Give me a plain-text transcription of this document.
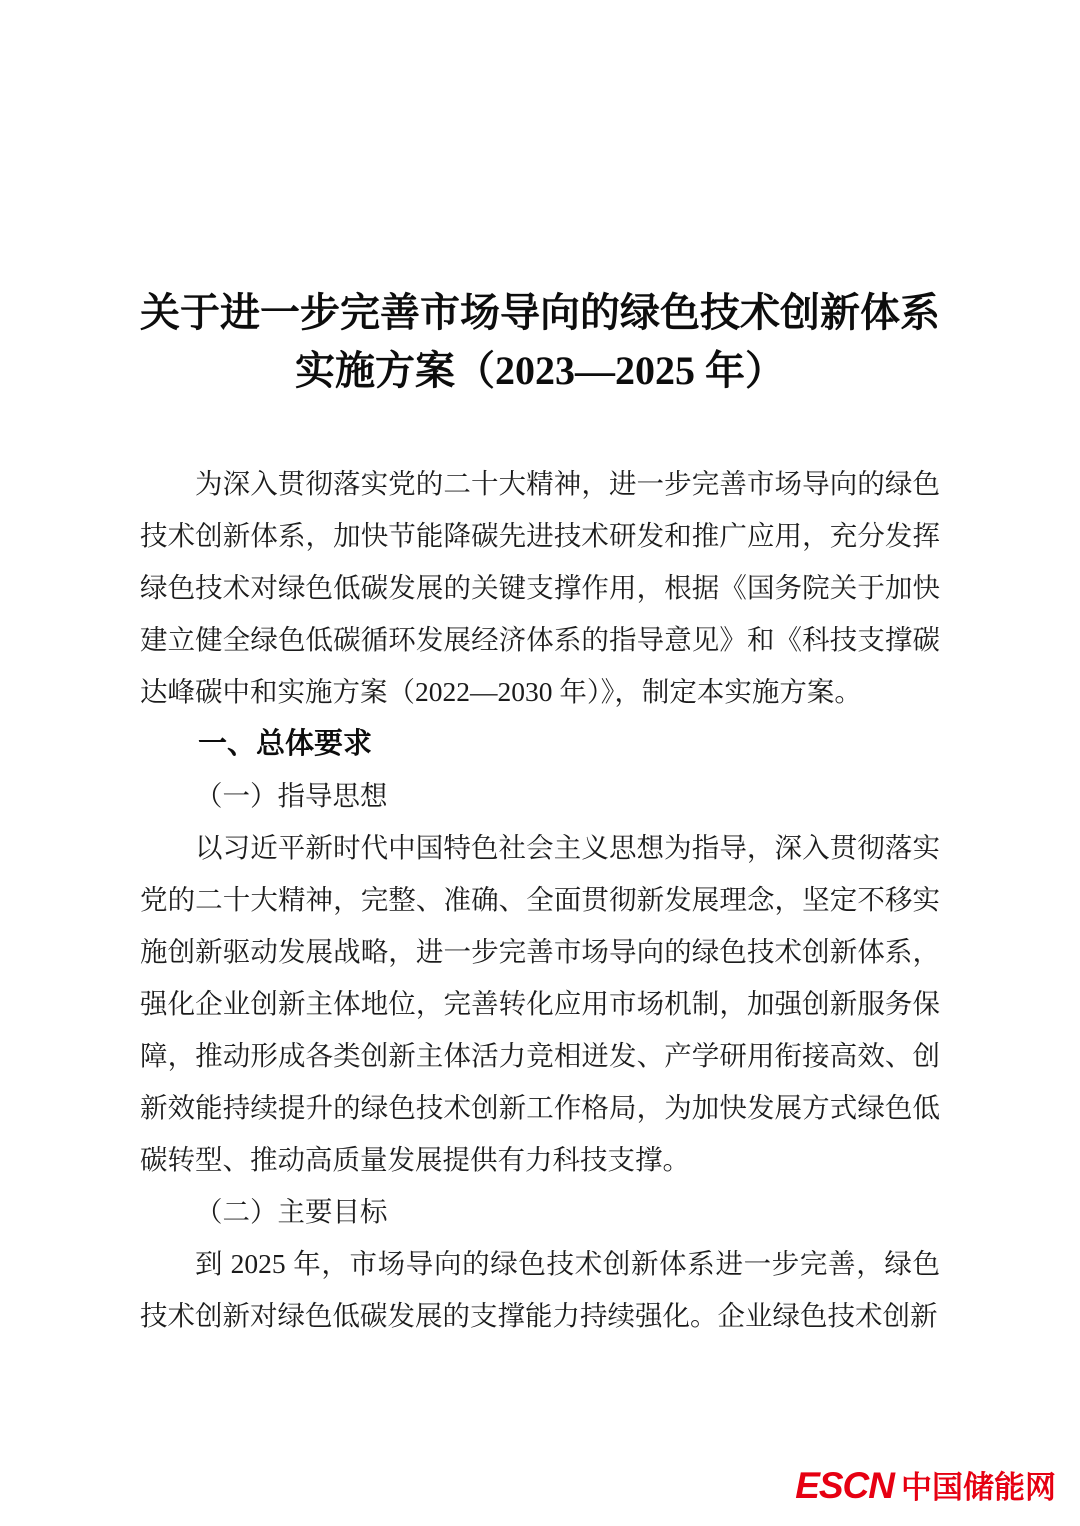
关于进一步完善市场导向的绿色技术创新体系
实施方案（2023—2025 年）

为深入贯彻落实党的二十大精神，进一步完善市场导向的绿色技术创新体系，加快节能降碳先进技术研发和推广应用，充分发挥绿色技术对绿色低碳发展的关键支撑作用，根据《国务院关于加快建立健全绿色低碳循环发展经济体系的指导意见》和《科技支撑碳达峰碳中和实施方案（2022—2030 年）》，制定本实施方案。

一、总体要求
（一）指导思想

以习近平新时代中国特色社会主义思想为指导，深入贯彻落实党的二十大精神，完整、准确、全面贯彻新发展理念，坚定不移实施创新驱动发展战略，进一步完善市场导向的绿色技术创新体系，强化企业创新主体地位，完善转化应用市场机制，加强创新服务保障，推动形成各类创新主体活力竞相迸发、产学研用衔接高效、创新效能持续提升的绿色技术创新工作格局，为加快发展方式绿色低碳转型、推动高质量发展提供有力科技支撑。

（二）主要目标

到 2025 年，市场导向的绿色技术创新体系进一步完善，绿色技术创新对绿色低碳发展的支撑能力持续强化。企业绿色技术创新

ESCN 中国储能网
